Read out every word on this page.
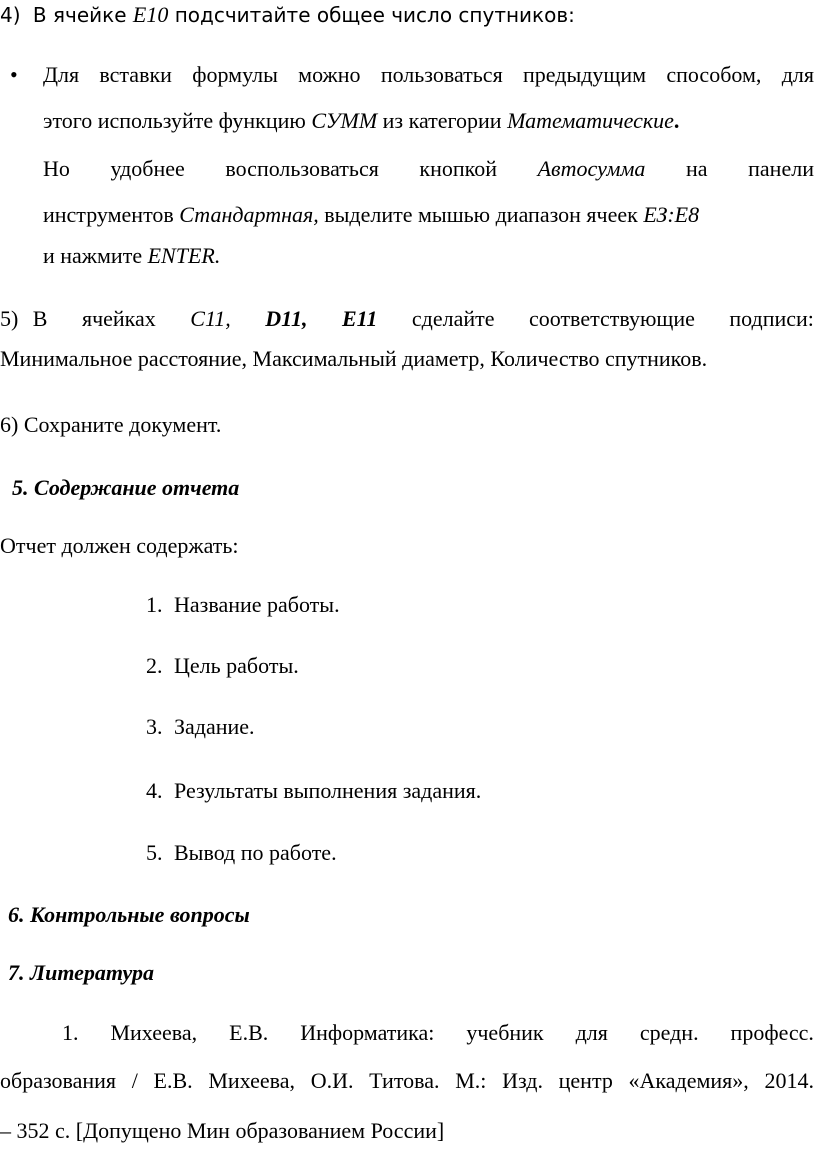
4) В ячейке E10 подсчитайте общее число спутников:
• Для вставки формулы можно пользоваться предыдущим способом, для
этого используйте функцию СУММ из категории Математические.
Но удобнее воспользоваться кнопкой Автосумма на панели
инструментов Стандартная, выделите мышью диапазон ячеек ЕЗ:Е8
и нажмите ENTER.
5) В ячейках C11, D11, E11 сделайте соответствующие подписи:
Минимальное расстояние, Максимальный диаметр, Количество спутников.
6) Сохраните документ.
5. Содержание отчета
Отчет должен содержать:
1. Название работы.
2. Цель работы.
3. Задание.
4. Результаты выполнения задания.
5. Вывод по работе.
6. Контрольные вопросы
7. Литература
1. Михеева, Е.В. Информатика: учебник для средн. професс.
образования / Е.В. Михеева, О.И. Титова. М.: Изд. центр «Академия», 2014.
– 352 с. [Допущено Мин образованием России]
